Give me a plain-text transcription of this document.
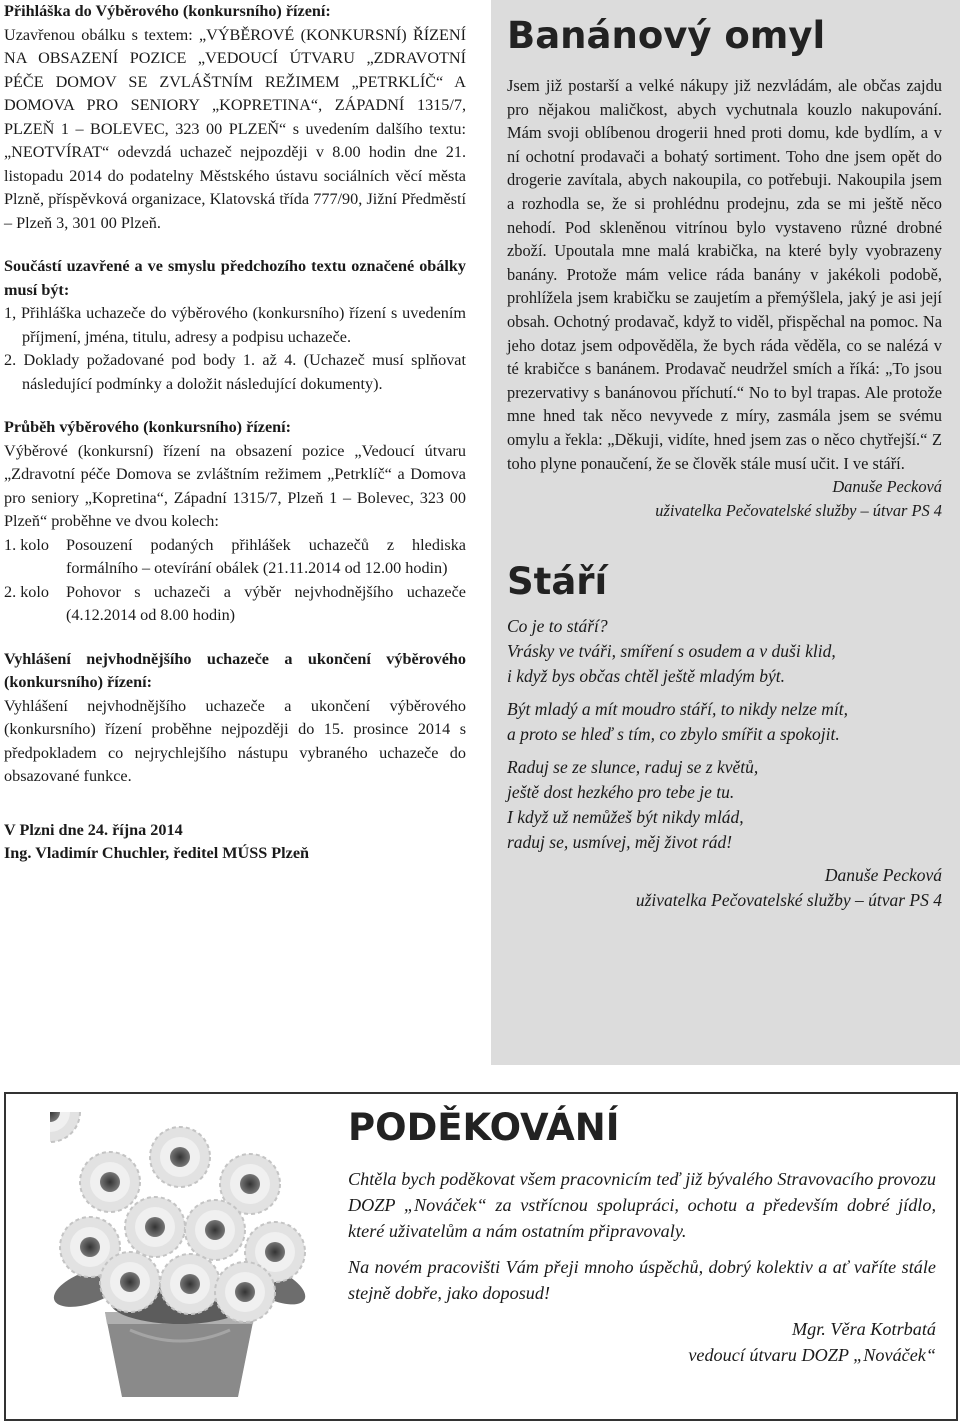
Přihláška do Výběrového (konkursního) řízení:

Uzavřenou obálku s textem: „VÝBĚROVÉ (KONKURSNÍ) ŘÍZENÍ NA OBSAZENÍ POZICE „VEDOUCÍ ÚTVARU „ZDRAVOTNÍ PÉČE DOMOV SE ZVLÁŠTNÍM REŽIMEM „PETRKLÍČ“ A DOMOVA PRO SENIORY „KOPRETINA“, ZÁPADNÍ 1315/7, PLZEŇ 1 – BOLEVEC, 323 00 PLZEŇ“ s uvedením dalšího textu: „NEOTVÍRAT“ odevzdá uchazeč nejpozději v 8.00 hodin dne 21. listopadu 2014 do podatelny Městského ústavu sociálních věcí města Plzně, příspěvková organizace, Klatovská třída 777/90, Jižní Předměstí – Plzeň 3, 301 00 Plzeň.

Součástí uzavřené a ve smyslu předchozího textu označené obálky musí být:

1, Přihláška uchazeče do výběrového (konkursního) řízení s uvedením příjmení, jména, titulu, adresy a podpisu uchazeče.

2. Doklady požadované pod body 1. až 4. (Uchazeč musí splňovat následující podmínky a doložit následující dokumenty).

Průběh výběrového (konkursního) řízení:

Výběrové (konkursní) řízení na obsazení pozice „Vedoucí útvaru „Zdravotní péče Domova se zvláštním režimem „Petrklíč“ a Domova pro seniory „Kopretina“, Západní 1315/7, Plzeň 1 – Bolevec, 323 00 Plzeň“ proběhne ve dvou kolech:

1. kolo	Posouzení podaných přihlášek uchazečů z hlediska formálního – otevírání obálek (21.11.2014 od 12.00 hodin)
2. kolo	Pohovor s uchazeči a výběr nejvhodnějšího uchazeče (4.12.2014 od 8.00 hodin)
Vyhlášení nejvhodnějšího uchazeče a ukončení výběrového (konkursního) řízení:

Vyhlášení nejvhodnějšího uchazeče a ukončení výběrového (konkursního) řízení proběhne nejpozději do 15. prosince 2014 s předpokladem co nejrychlejšího nástupu vybraného uchazeče do obsazované funkce.

V Plzni dne 24. října 2014
Ing. Vladimír Chuchler, ředitel MÚSS Plzeň
Banánový omyl

Jsem již postarší a velké nákupy již nezvládám, ale občas zajdu pro nějakou maličkost, abych vychutnala kouzlo nakupování. Mám svoji oblíbenou drogerii hned proti domu, kde bydlím, a v ní ochotní prodavači a bohatý sortiment. Toho dne jsem opět do drogerie zavítala, abych nakoupila, co potřebuji. Nakoupila jsem a rozhodla se, že si prohlédnu prodejnu, zda se mi ještě něco nehodí. Pod skleněnou vitrínou bylo vystaveno různé drobné zboží. Upoutala mne malá krabička, na které byly vyobrazeny banány. Protože mám velice ráda banány v jakékoli podobě, prohlížela jsem krabičku se zaujetím a přemýšlela, jaký je asi její obsah. Ochotný prodavač, když to viděl, přispěchal na pomoc. Na jeho dotaz jsem odpověděla, že bych ráda věděla, co se nalézá v té krabičce s banánem. Prodavač neudržel smích a říká: „To jsou prezervativy s banánovou příchutí.“ No to byl trapas. Ale protože mne hned tak něco nevyvede z míry, zasmála jsem se svému omylu a řekla: „Děkuji, vidíte, hned jsem zas o něco chytřejší.“ Z toho plyne ponaučení, že se člověk stále musí učit. I ve stáří.

Danuše Pecková
uživatelka Pečovatelské služby – útvar PS 4
Stáří
Co je to stáří?
Vrásky ve tváři, smíření s osudem a v duši klid,
i když bys občas chtěl ještě mladým být.
Být mladý a mít moudro stáří, to nikdy nelze mít,
a proto se hleď s tím, co zbylo smířit a spokojit.
Raduj se ze slunce, raduj se z květů,
ještě dost hezkého pro tebe je tu.
I když už nemůžeš být nikdy mlád,
raduj se, usmívej, měj život rád!
Danuše Pecková
uživatelka Pečovatelské služby – útvar PS 4
PODĚKOVÁNÍ

Chtěla bych poděkovat všem pracovnicím teď již bývalého Stravovacího provozu DOZP „Nováček“ za vstřícnou spolupráci, ochotu a především dobré jídlo, které uživatelům a nám ostatním připravovaly.

Na novém pracovišti Vám přeji mnoho úspěchů, dobrý kolektiv a ať vaříte stále stejně dobře, jako doposud!

Mgr. Věra Kotrbatá
vedoucí útvaru DOZP „Nováček“
